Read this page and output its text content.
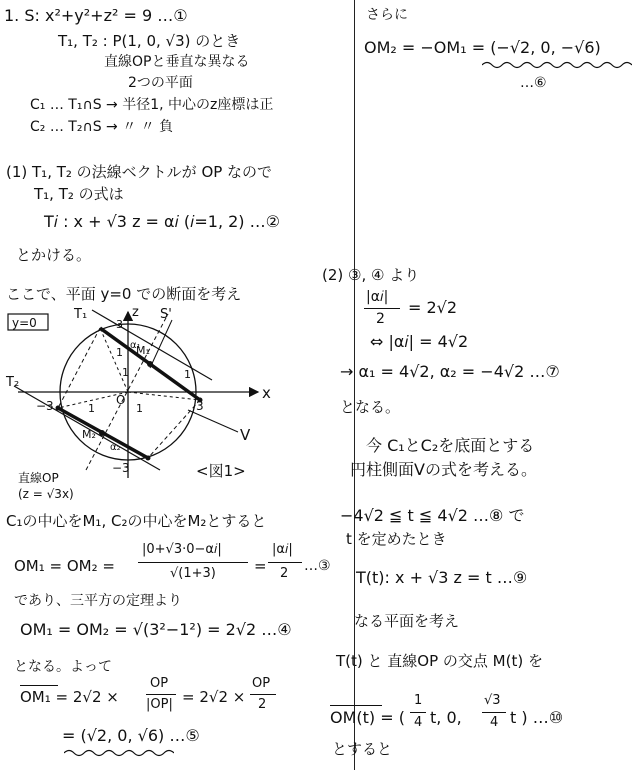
1. S: x²+y²+z² = 9 …①
T₁, T₂ : P(1, 0, √3) のとき
直線OPと垂直な異なる
2つの平面
C₁ … T₁∩S → 半径1, 中心のz座標は正
C₂ … T₂∩S → 〃 〃 負
(1) T₁, T₂ の法線ベクトルが OP なので
T₁, T₂ の式は
T𝑖 : x + √3 z = α𝑖 (𝑖=1, 2) …②
とかける。
ここで、平面 y=0 での断面を考え
y=0
x
z
T₁
T₂
V
S'
M₁
M₂
α₁
α₂
3
3
−3
−3
O
1
1
1	1
1
<図1>
直線OP
(z = √3x)
C₁の中心をM₁, C₂の中心をM₂とすると
OM₁ = OM₂ =
|0+√3·0−α𝑖|
√(1+3)	=
|α𝑖|
2 …③
であり、三平方の定理より
OM₁ = OM₂ = √(3²−1²) = 2√2 …④
となる。よって
OM₁ = 2√2 ×
OP
|OP| = 2√2 ×
OP
2
= (√2, 0, √6) …⑤
さらに
OM₂ = −OM₁ = (−√2, 0, −√6)
…⑥
(2) ③, ④ より
|α𝑖|
2
= 2√2
⇔ |α𝑖| = 4√2
→ α₁ = 4√2, α₂ = −4√2 …⑦
となる。
今 C₁とC₂を底面とする
円柱側面Vの式を考える。
−4√2 ≦ t ≦ 4√2 …⑧ で
t を定めたとき
T(t): x + √3 z = t …⑨
なる平面を考え
T(t) と 直線OP の交点 M(t) を
OM(t) = (
1
4 t, 0,
√3
4 t ) …⑩
とすると
